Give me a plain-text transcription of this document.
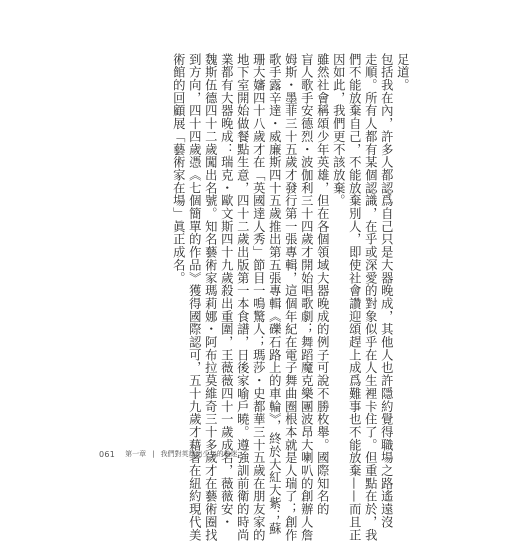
足道。
包括我在內，許多人都認爲自己只是大器晚成，其他人也許隱約覺得職場之路遙遠沒
走順。所有人都有某個認識，在乎或深愛的對象似乎在人生裡卡住了。但重點在於，我
們不能放棄自己，不能放棄別人，即使社會讚迎頌趕上成爲難事也不能放棄——而且正
因如此，我們更不該放棄。
雖然社會稱頌少年英雄，但在各個領域大器晚成的例子可說不勝枚舉。國際知名的
盲人歌手安德烈・波伽利三十四歲才開始唱歌劇；舞蹈魔克樂團波昂大喇叭的創辦人詹
姆斯・墨菲三十五歲才發行第一張專輯，這個年紀在電子舞曲圈根本就是人瑞了；創作
歌手露辛達・威廉斯四十五歲推出第五張專輯《礫石路上的車輪》，終於大紅大紫；蘇
珊大嬸四十八歲才在「英國達人秀」節目一鳴驚人；瑪莎・史都華三十五歲在朋友家的
地下室開始做餐點生意，四十二歲出版第一本食譜，日後家喻戶曉。遵強訓前衛的時尚
業都有大器晚成：瑞克・歐文斯四十九歲殺出重圍，王薇薇四十一歲成名，薇薇安・
魏斯伍德四十二歲闖出名號。知名藝術家瑪莉娜・阿布拉莫維奇三十多歲才在藝術圈找
到方向，四十四歲憑《七個簡單的作品》獲得國際認可，五十九歲才藉著在紐約現代美
術館的回顧展「藝術家在場」眞正成名。
061 第一章 | 我們對英雄出少年的執迷
